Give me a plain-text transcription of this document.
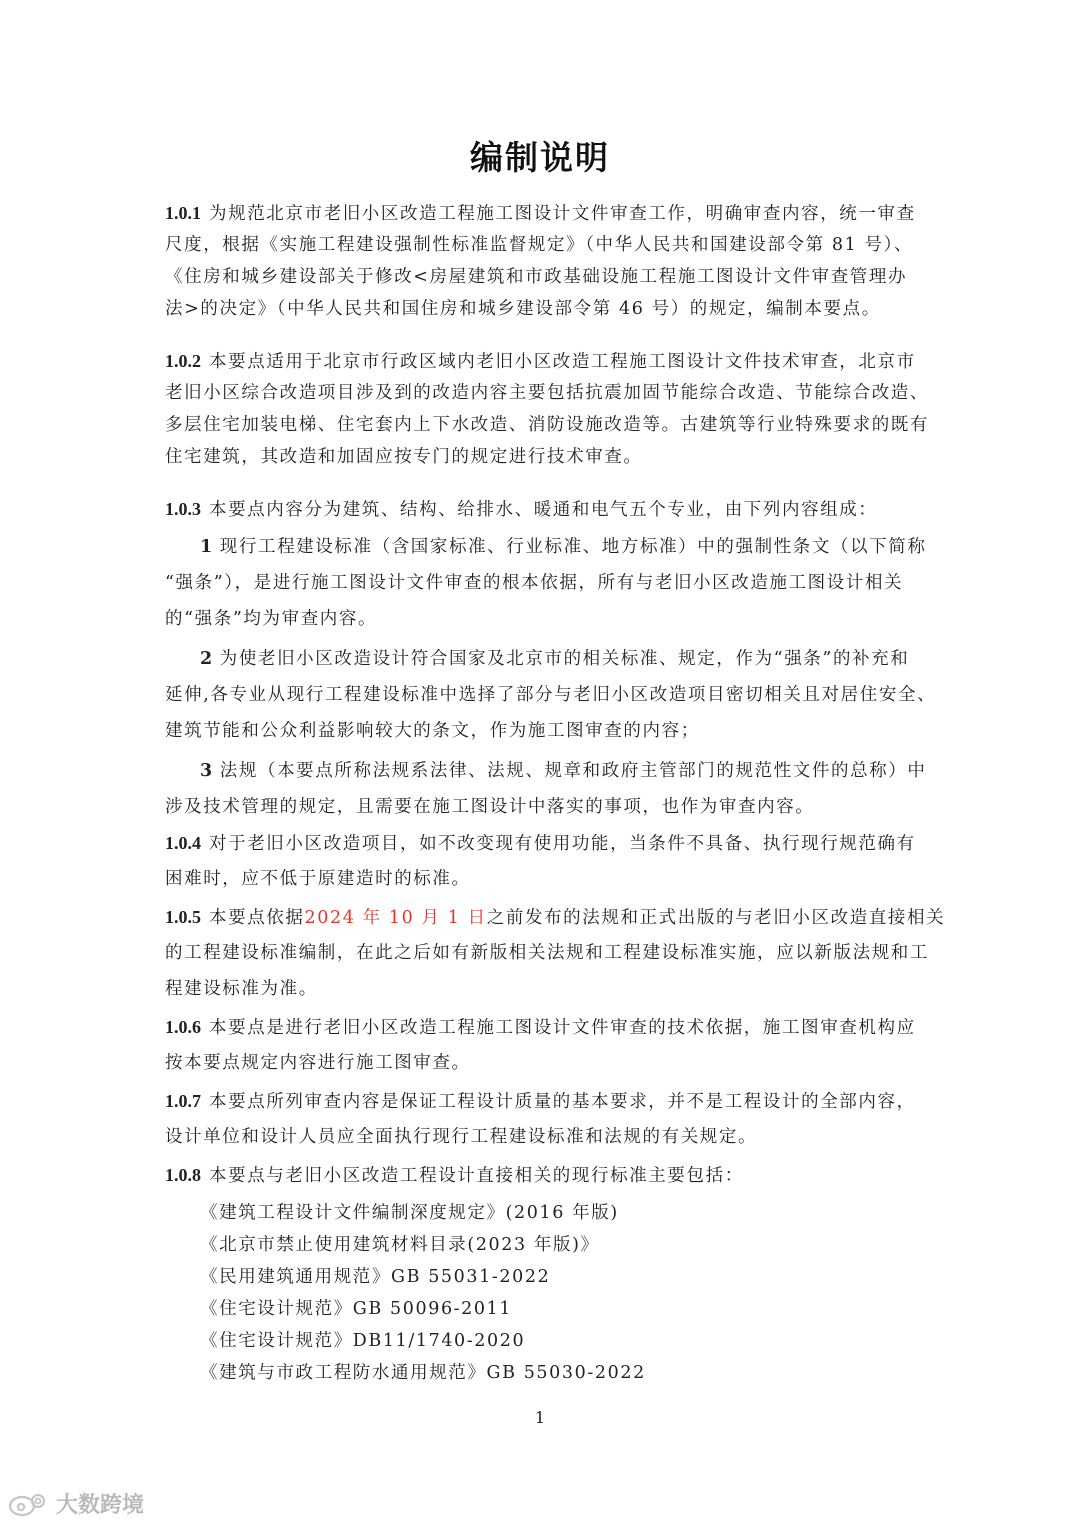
编制说明
1.0.1 为规范北京市老旧小区改造工程施工图设计文件审查工作，明确审查内容，统一审查
尺度，根据《实施工程建设强制性标准监督规定》（中华人民共和国建设部令第 81 号）、
《住房和城乡建设部关于修改<房屋建筑和市政基础设施工程施工图设计文件审查管理办
法>的决定》（中华人民共和国住房和城乡建设部令第 46 号）的规定，编制本要点。
1.0.2 本要点适用于北京市行政区域内老旧小区改造工程施工图设计文件技术审查，北京市
老旧小区综合改造项目涉及到的改造内容主要包括抗震加固节能综合改造、节能综合改造、
多层住宅加装电梯、住宅套内上下水改造、消防设施改造等。古建筑等行业特殊要求的既有
住宅建筑，其改造和加固应按专门的规定进行技术审查。
1.0.3 本要点内容分为建筑、结构、给排水、暖通和电气五个专业，由下列内容组成：
1 现行工程建设标准（含国家标准、行业标准、地方标准）中的强制性条文（以下简称
“强条”），是进行施工图设计文件审查的根本依据，所有与老旧小区改造施工图设计相关
的“强条”均为审查内容。
2 为使老旧小区改造设计符合国家及北京市的相关标准、规定，作为“强条”的补充和
延伸,各专业从现行工程建设标准中选择了部分与老旧小区改造项目密切相关且对居住安全、
建筑节能和公众利益影响较大的条文，作为施工图审查的内容；
3 法规（本要点所称法规系法律、法规、规章和政府主管部门的规范性文件的总称）中
涉及技术管理的规定，且需要在施工图设计中落实的事项，也作为审查内容。
1.0.4 对于老旧小区改造项目，如不改变现有使用功能，当条件不具备、执行现行规范确有
困难时，应不低于原建造时的标准。
1.0.5 本要点依据2024 年 10 月 1 日之前发布的法规和正式出版的与老旧小区改造直接相关
的工程建设标准编制，在此之后如有新版相关法规和工程建设标准实施，应以新版法规和工
程建设标准为准。
1.0.6 本要点是进行老旧小区改造工程施工图设计文件审查的技术依据，施工图审查机构应
按本要点规定内容进行施工图审查。
1.0.7 本要点所列审查内容是保证工程设计质量的基本要求，并不是工程设计的全部内容，
设计单位和设计人员应全面执行现行工程建设标准和法规的有关规定。
1.0.8 本要点与老旧小区改造工程设计直接相关的现行标准主要包括：
《建筑工程设计文件编制深度规定》(2016 年版)
《北京市禁止使用建筑材料目录(2023 年版)》
《民用建筑通用规范》GB 55031-2022
《住宅设计规范》GB 50096-2011
《住宅设计规范》DB11/1740-2020
《建筑与市政工程防水通用规范》GB 55030-2022
1
大数跨境
